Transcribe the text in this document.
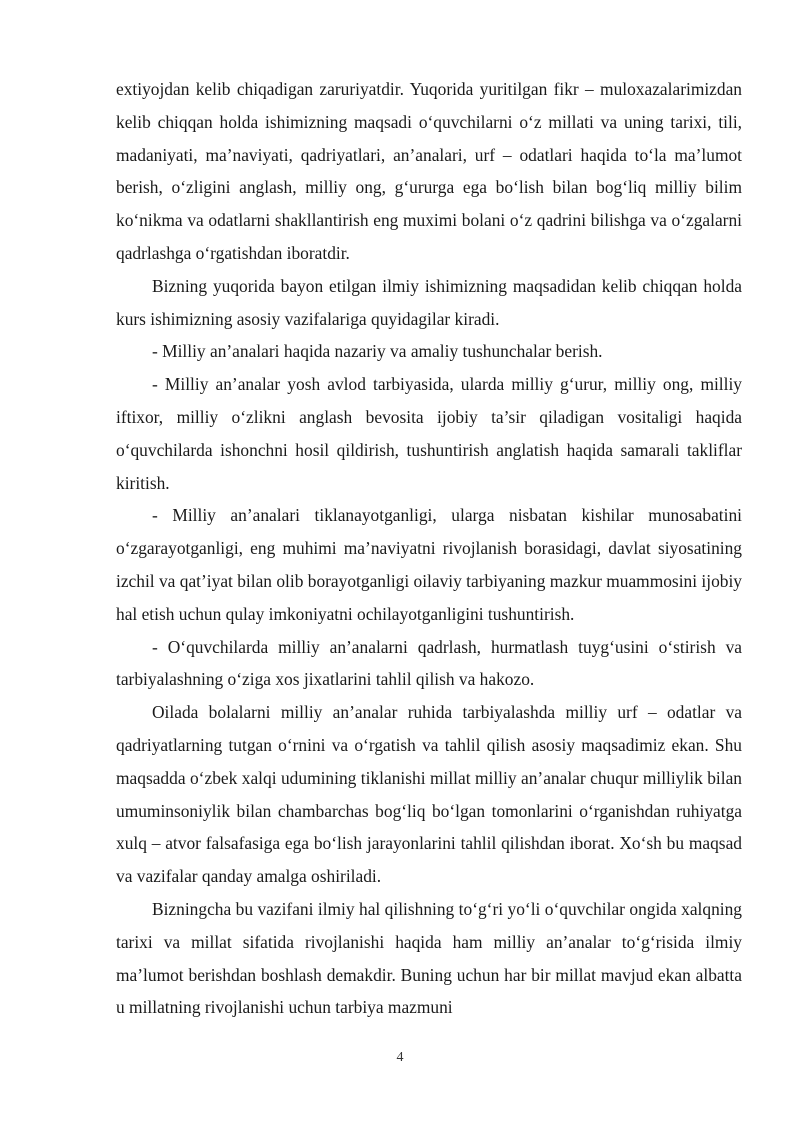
extiyojdan kelib chiqadigan zaruriyatdir. Yuqorida yuritilgan fikr – muloxazalarimizdan kelib chiqqan holda ishimizning maqsadi o‘quvchilarni o‘z millati va uning tarixi, tili, madaniyati, ma’naviyati, qadriyatlari, an’analari, urf – odatlari haqida to‘la ma’lumot berish, o‘zligini anglash, milliy ong, g‘ururga ega bo‘lish bilan bog‘liq milliy bilim ko‘nikma va odatlarni shakllantirish eng muximi bolani o‘z qadrini bilishga va o‘zgalarni qadrlashga o‘rgatishdan iboratdir.

Bizning yuqorida bayon etilgan ilmiy ishimizning maqsadidan kelib chiqqan holda kurs ishimizning asosiy vazifalariga quyidagilar kiradi.

- Milliy an’analari haqida nazariy va amaliy tushunchalar berish.

- Milliy an’analar yosh avlod tarbiyasida, ularda milliy g‘urur, milliy ong, milliy iftixor, milliy o‘zlikni anglash bevosita ijobiy ta’sir qiladigan vositaligi haqida o‘quvchilarda ishonchni hosil qildirish, tushuntirish anglatish haqida samarali takliflar kiritish.

- Milliy an’analari tiklanayotganligi, ularga nisbatan kishilar munosabatini o‘zgarayotganligi, eng muhimi ma’naviyatni rivojlanish borasidagi, davlat siyosatining izchil va qat’iyat bilan olib borayotganligi oilaviy tarbiyaning mazkur muammosini ijobiy hal etish uchun qulay imkoniyatni ochilayotganligini tushuntirish.

- O‘quvchilarda milliy an’analarni qadrlash, hurmatlash tuyg‘usini o‘stirish va tarbiyalashning o‘ziga xos jixatlarini tahlil qilish va hakozo.

Oilada bolalarni milliy an’analar ruhida tarbiyalashda milliy urf – odatlar va qadriyatlarning tutgan o‘rnini va o‘rgatish va tahlil qilish asosiy maqsadimiz ekan. Shu maqsadda o‘zbek xalqi udumining tiklanishi millat milliy an’analar chuqur milliylik bilan umuminsoniylik bilan chambarchas bog‘liq bo‘lgan tomonlarini o‘rganishdan ruhiyatga xulq – atvor falsafasiga ega bo‘lish jarayonlarini tahlil qilishdan iborat. Xo‘sh bu maqsad va vazifalar qanday amalga oshiriladi.

Bizningcha bu vazifani ilmiy hal qilishning to‘g‘ri yo‘li o‘quvchilar ongida xalqning tarixi va millat sifatida rivojlanishi haqida ham milliy an’analar to‘g‘risida ilmiy ma’lumot berishdan boshlash demakdir. Buning uchun har bir millat mavjud ekan albatta u millatning rivojlanishi uchun tarbiya mazmuni

4
